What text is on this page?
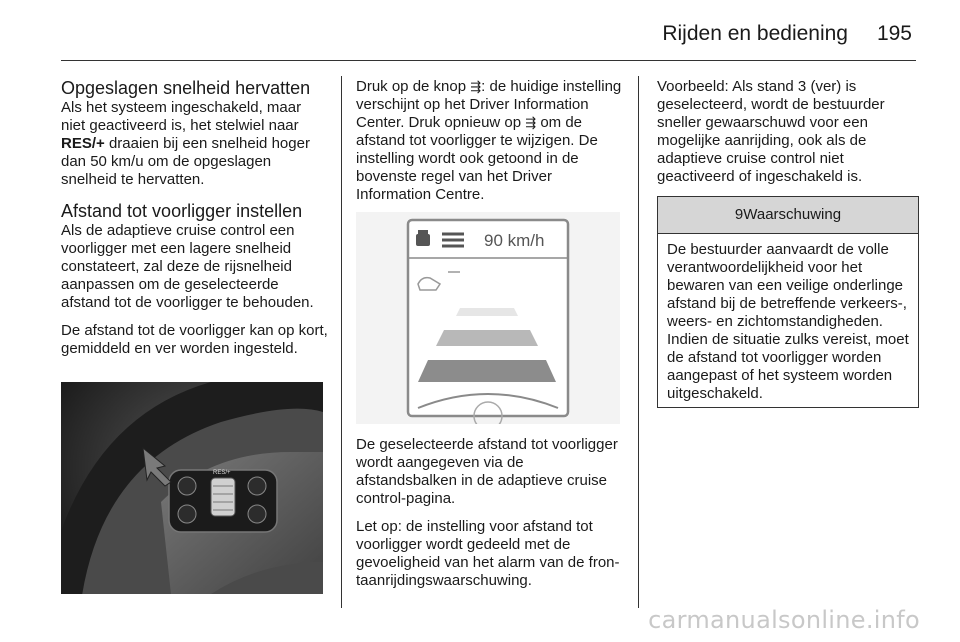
Rijden en bediening 195
Opgeslagen snelheid hervatten

Als het systeem ingeschakeld, maar niet geactiveerd is, het stelwiel naar RES/+ draaien bij een snelheid hoger dan 50 km/u om de opgeslagen snelheid te hervatten.

Afstand tot voorligger instellen

Als de adaptieve cruise control een voorligger met een lagere snelheid constateert, zal deze de rijsnelheid aanpassen om de geselecteerde afstand tot de voorligger te behouden.

De afstand tot de voorligger kan op kort, gemiddeld en ver worden ingesteld.

RES/+

Druk op de knop ⇶: de huidige instelling verschijnt op het Driver Information Center. Druk opnieuw op ⇶ om de afstand tot voorligger te wijzigen. De instelling wordt ook getoond in de bovenste regel van het Driver Information Centre.

90 km/h

De geselecteerde afstand tot voorligger wordt aangegeven via de afstandsbalken in de adaptieve cruise control-pagina.

Let op: de instelling voor afstand tot voorligger wordt gedeeld met de gevoeligheid van het alarm van de frontaanrijdingswaarschuwing.

Voorbeeld: Als stand 3 (ver) is geselecteerd, wordt de bestuurder sneller gewaarschuwd voor een mogelijke aanrijding, ook als de adaptieve cruise control niet geactiveerd of ingeschakeld is.

9Waarschuwing
De bestuurder aanvaardt de volle verantwoordelijkheid voor het bewaren van een veilige onderlinge afstand bij de betreffende verkeers-, weers- en zichtomstandigheden. Indien de situatie zulks vereist, moet de afstand tot voorligger worden aangepast of het systeem worden uitgeschakeld.
carmanualsonline.info
